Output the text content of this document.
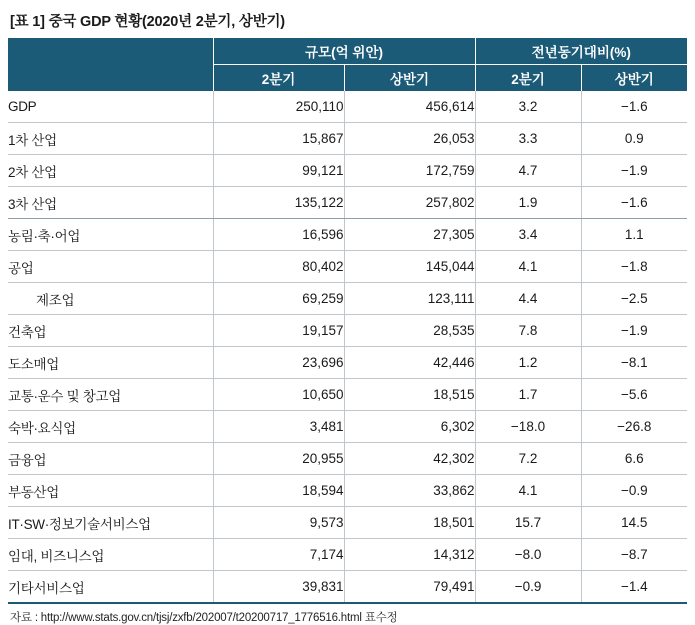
[표 1] 중국 GDP 현황(2020년 2분기, 상반기)
	규모(억 위안)		전년동기대비(%)	
	2분기	상반기	2분기	상반기
GDP	250,110	456,614	3.2	−1.6
1차 산업	15,867	26,053	3.3	0.9
2차 산업	99,121	172,759	4.7	−1.9
3차 산업	135,122	257,802	1.9	−1.6
농림·축·어업	16,596	27,305	3.4	1.1
공업	80,402	145,044	4.1	−1.8
제조업	69,259	123,111	4.4	−2.5
건축업	19,157	28,535	7.8	−1.9
도소매업	23,696	42,446	1.2	−8.1
교통·운수 및 창고업	10,650	18,515	1.7	−5.6
숙박·요식업	3,481	6,302	−18.0	−26.8
금융업	20,955	42,302	7.2	6.6
부동산업	18,594	33,862	4.1	−0.9
IT·SW·정보기술서비스업	9,573	18,501	15.7	14.5
임대, 비즈니스업	7,174	14,312	−8.0	−8.7
기타서비스업	39,831	79,491	−0.9	−1.4
자료 : http://www.stats.gov.cn/tjsj/zxfb/202007/t20200717_1776516.html 표수정
